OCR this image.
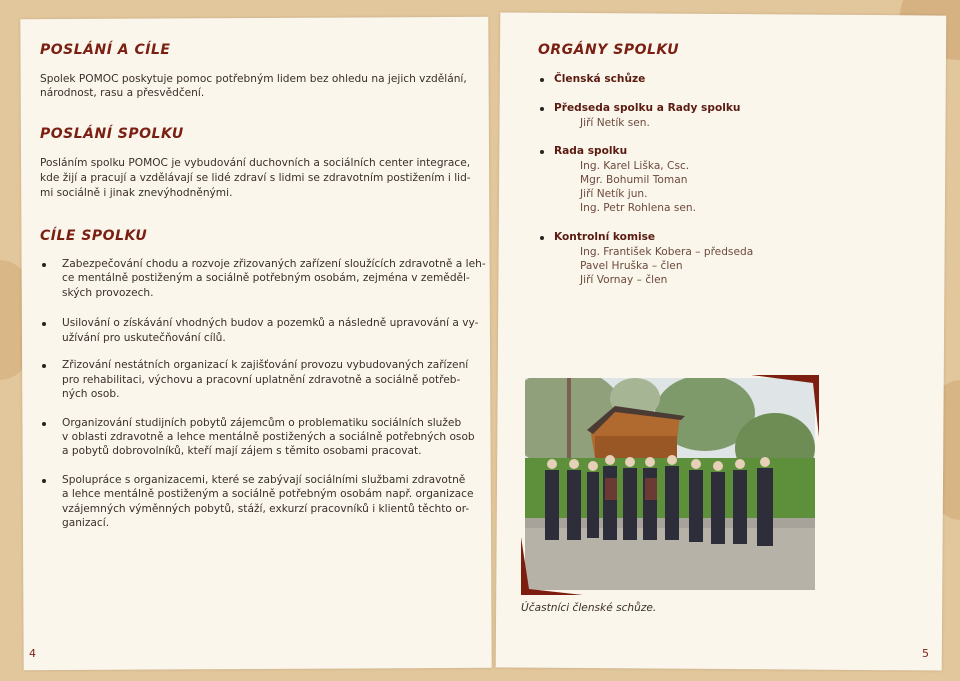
POSLÁNÍ A CÍLE

Spolek POMOC poskytuje pomoc potřebným lidem bez ohledu na jejich vzdělání,

národnost, rasu a přesvědčení.

POSLÁNÍ SPOLKU

Posláním spolku POMOC je vybudování duchovních a sociálních center integrace,

kde žijí a pracují a vzdělávají se lidé zdraví s lidmi se zdravotním postižením i lid-

mi sociálně i jinak znevýhodněnými.

CÍLE SPOLKU

Zabezpečování chodu a rozvoje zřizovaných zařízení sloužících zdravotně a leh-

ce mentálně postiženým a sociálně potřebným osobám, zejména v zeměděl-

ských provozech.

Usilování o získávání vhodných budov a pozemků a následně upravování a vy-

užívání pro uskutečňování cílů.

Zřizování nestátních organizací k zajišťování provozu vybudovaných zařízení

pro rehabilitaci, výchovu a pracovní uplatnění zdravotně a sociálně potřeb-

ných osob.

Organizování studijních pobytů zájemcům o problematiku sociálních služeb

v oblasti zdravotně a lehce mentálně postižených a sociálně potřebných osob

a pobytů dobrovolníků, kteří mají zájem s těmito osobami pracovat.

Spolupráce s organizacemi, které se zabývají sociálními službami zdravotně

a lehce mentálně postiženým a sociálně potřebným osobám např. organizace

vzájemných výměnných pobytů, stáží, exkurzí pracovníků i klientů těchto or-

ganizací.

4
ORGÁNY SPOLKU
Členská schůze
Předseda spolku a Rady spolku
Jiří Netík sen.
Rada spolku
Ing. Karel Liška, Csc.
Mgr. Bohumil Toman
Jiří Netík jun.
Ing. Petr Rohlena sen.
Kontrolní komise
Ing. František Kobera – předseda
Pavel Hruška – člen
Jiří Vornay – člen
Účastníci členské schůze.
5
